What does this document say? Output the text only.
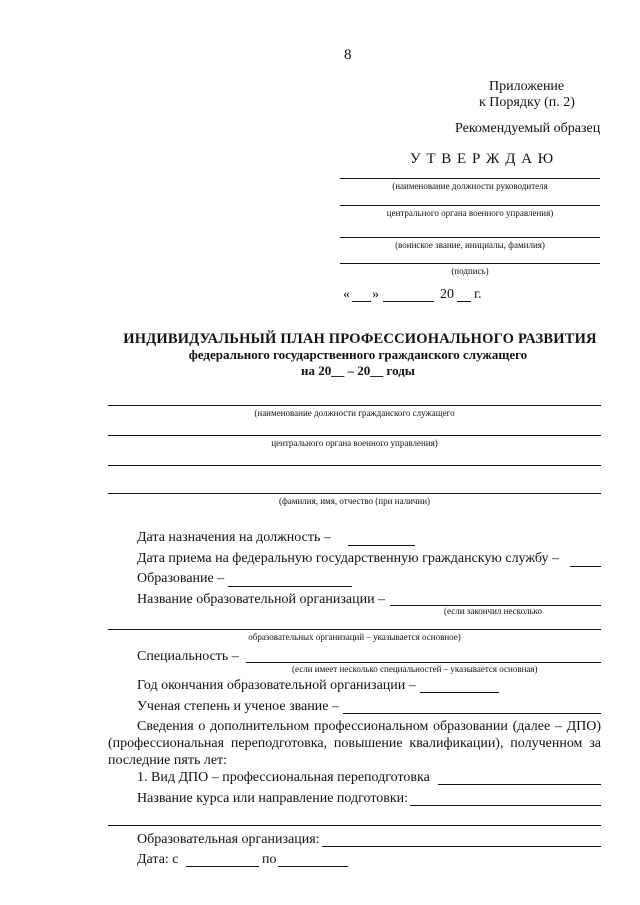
8
Приложение
к Порядку (п. 2)
Рекомендуемый образец
У Т В Е Р Ж Д А Ю
(наименование должности руководителя
центрального органа военного управления)
(воинское звание, инициалы, фамилия)
(подпись)
« »	20 г.
ИНДИВИДУАЛЬНЫЙ ПЛАН ПРОФЕССИОНАЛЬНОГО РАЗВИТИЯ
федерального государственного гражданского служащего
на 20__ – 20__ годы
(наименование должности гражданского служащего
центрального органа военного управления)
(фамилия, имя, отчество (при наличии)
Дата назначения на должность –
Дата приема на федеральную государственную гражданскую службу –
Образование –
Название образовательной организации –
(если закончил несколько
образовательных организаций – указывается основное)
Специальность –
(если имеет несколько специальностей – указывается основная)
Год окончания образовательной организации –
Ученая степень и ученое звание –
Сведения о дополнительном профессиональном образовании (далее – ДПО) (профессиональная переподготовка, повышение квалификации), полученном за последние пять лет:
1. Вид ДПО – профессиональная переподготовка
Название курса или направление подготовки:
Образовательная организация:
Дата: с	по
